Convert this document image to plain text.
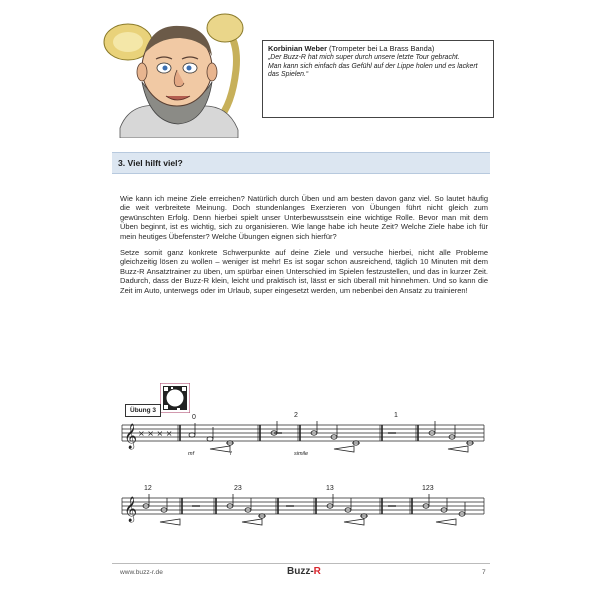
Korbinian Weber (Trompeter bei La Brass Banda)
„Der Buzz-R hat mich super durch unsere letzte Tour gebracht.
Man kann sich einfach das Gefühl auf der Lippe holen und es lackert
das Spielen.“
3. Viel hilft viel?

Wie kann ich meine Ziele erreichen? Natürlich durch Üben und am besten davon ganz viel. So lautet häufig die weit verbreitete Meinung. Doch stundenlanges Exerzieren von Übungen führt nicht gleich zum gewünschten Erfolg. Denn hierbei spielt unser Unterbewusstsein eine wichtige Rolle. Bevor man mit dem Üben beginnt, ist es wichtig, sich zu organisieren. Wie lange habe ich heute Zeit? Welche Ziele habe ich für mein heutiges Übefenster? Welche Übungen eignen sich hierfür?

Setze somit ganz konkrete Schwerpunkte auf deine Ziele und versuche hierbei, nicht alle Probleme gleichzeitig lösen zu wollen – weniger ist mehr! Es ist sogar schon ausreichend, täglich 10 Minuten mit dem Buzz-R Ansatztrainer zu üben, um spürbar einen Unterschied im Spielen festzustellen, und das in kurzer Zeit. Dadurch, dass der Buzz-R klein, leicht und praktisch ist, lässt er sich überall mit hinnehmen. Und so kann die Zeit im Auto, unterwegs oder im Urlaub, super eingesetzt werden, um nebenbei den Ansatz zu trainieren!

Übung 3
𝄞 × × × ×
0	2	1
mf	f	simile
𝄞
12	23	13	123
www.buzz-r.de	Buzz-R	7
